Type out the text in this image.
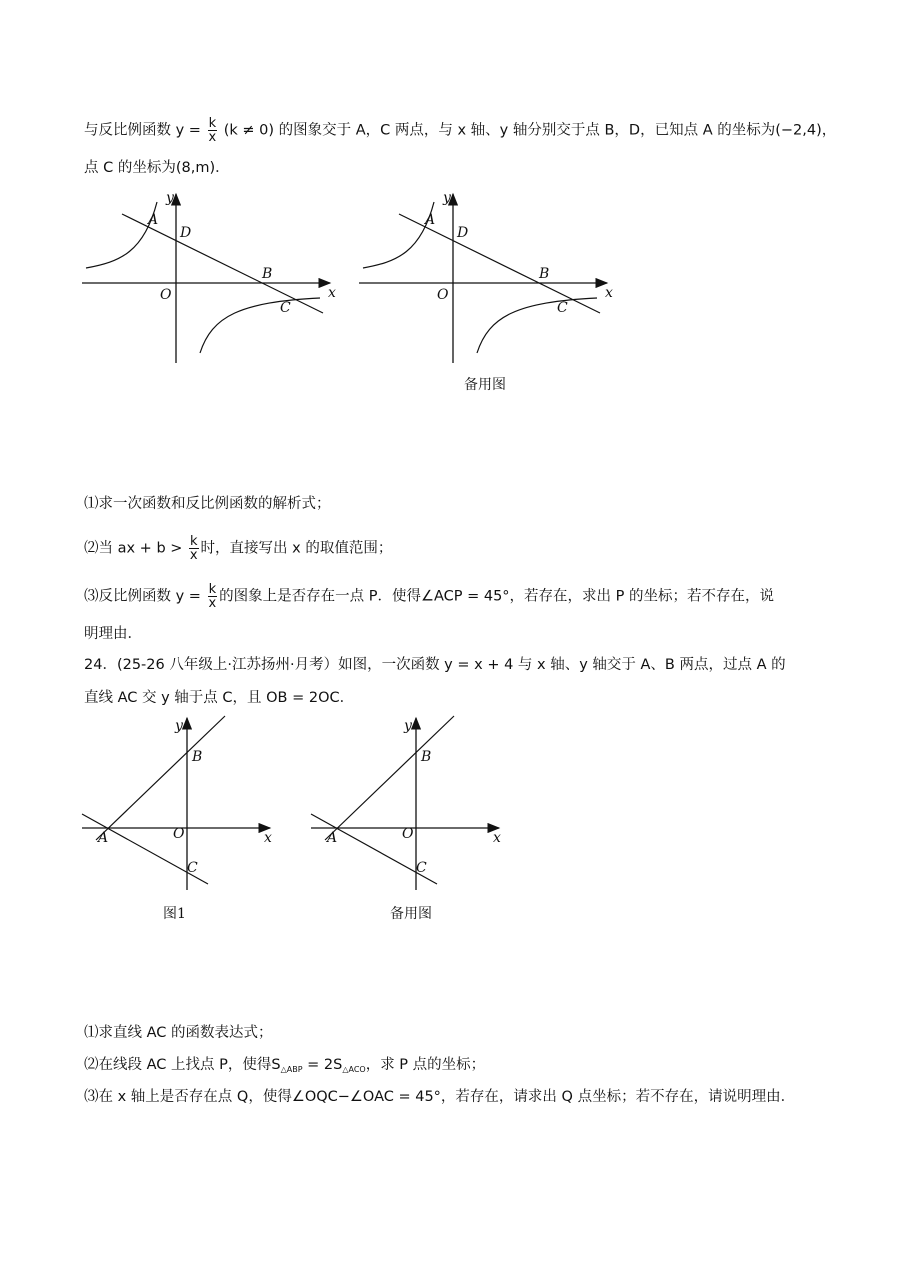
与反比例函数 $y = \frac{k}{x} (k \ne 0)$ 的图象交于 A，C 两点，与 x 轴、y 轴分别交于点 B，D，已知点 A 的坐标为(−2,4)，
点 C 的坐标为(8,m)．
y
x
O
A
D
B
C
y
x
O
A
D
B
C
备用图
⑴求一次函数和反比例函数的解析式；
⑵当 ax + $b > \frac{k}{x}$ 时，直接写出 x 的取值范围；
⑶反比例函数 $y = \frac{k}{x}$ 的图象上是否存在一点 P．使得∠ACP = 45°，若存在，求出 P 的坐标；若不存在，说
明理由．
24．(25-26 八年级上·江苏扬州·月考）如图，一次函数 y = x + 4 与 x 轴、y 轴交于 A、B 两点，过点 A 的
直线 AC 交 y 轴于点 C，且 OB = 2OC．
y
x
O
A
B
C
图1
y
x
O
A
B
C
备用图
⑴求直线 AC 的函数表达式；
⑵在线段 AC 上找点 P，使得$S_{\triangle ABP} = 2S_{\triangle ACO}$，求 P 点的坐标；
⑶在 x 轴上是否存在点 Q，使得∠OQC−∠OAC = 45°，若存在，请求出 Q 点坐标；若不存在，请说明理由．
